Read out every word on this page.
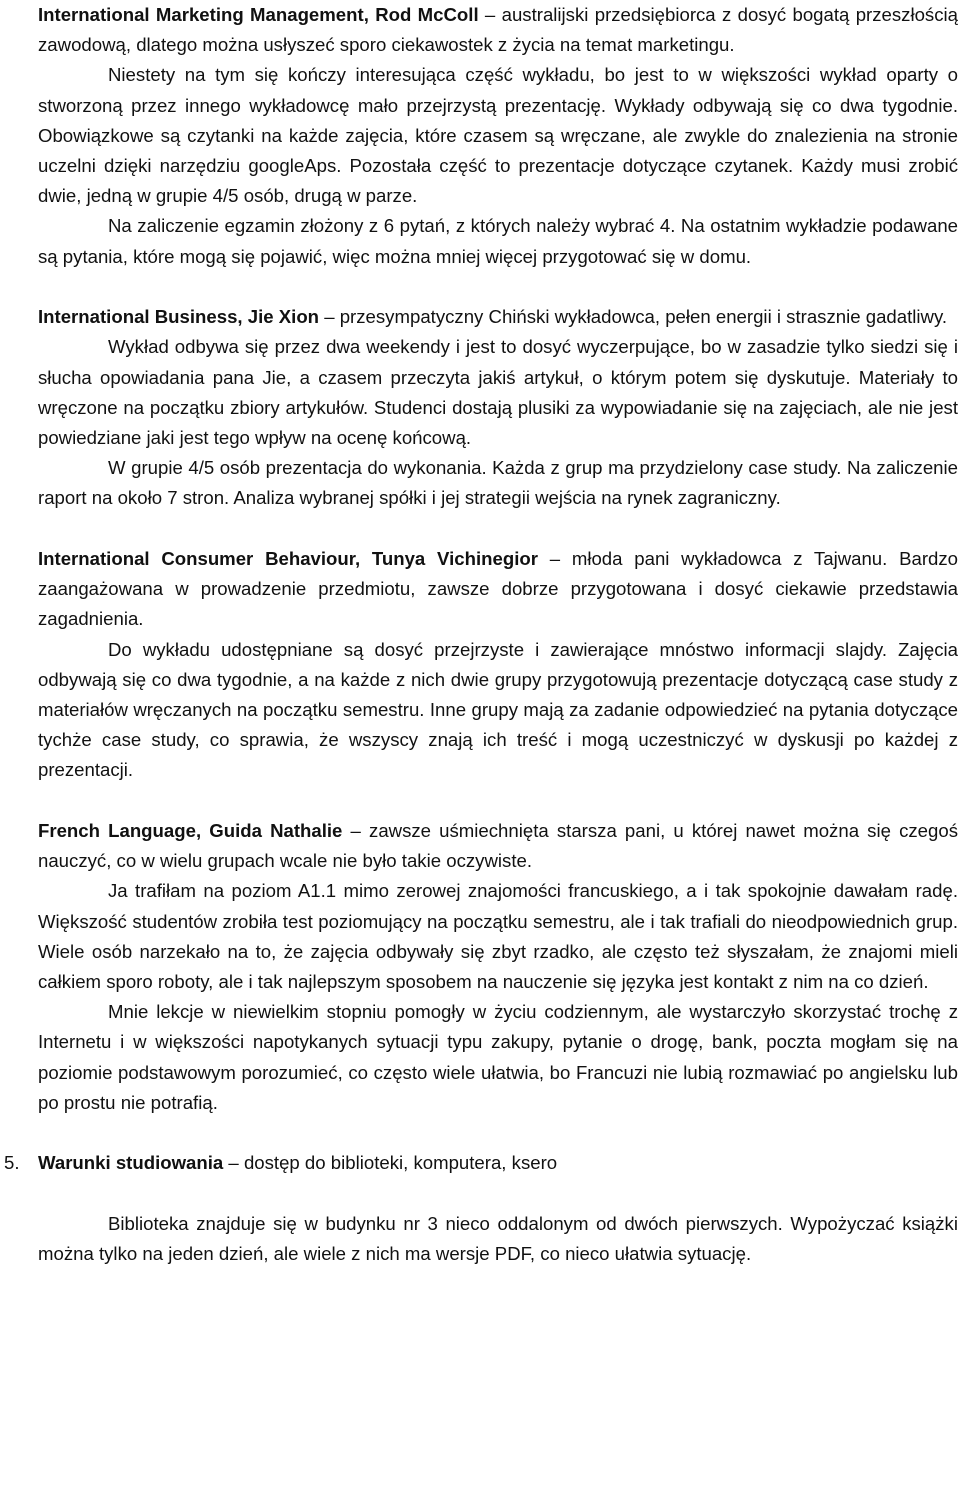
International Marketing Management, Rod McColl – australijski przedsiębiorca z dosyć bogatą przeszłością zawodową, dlatego można usłyszeć sporo ciekawostek z życia na temat marketingu.

Niestety na tym się kończy interesująca część wykładu, bo jest to w większości wykład oparty o stworzoną przez innego wykładowcę mało przejrzystą prezentację. Wykłady odbywają się co dwa tygodnie. Obowiązkowe są czytanki na każde zajęcia, które czasem są wręczane, ale zwykle do znalezienia na stronie uczelni dzięki narzędziu googleAps. Pozostała część to prezentacje dotyczące czytanek. Każdy musi zrobić dwie, jedną w grupie 4/5 osób, drugą w parze.

Na zaliczenie egzamin złożony z 6 pytań, z których należy wybrać 4. Na ostatnim wykładzie podawane są pytania, które mogą się pojawić, więc można mniej więcej przygotować się w domu.

International Business, Jie Xion – przesympatyczny Chiński wykładowca, pełen energii i strasznie gadatliwy.

Wykład odbywa się przez dwa weekendy i jest to dosyć wyczerpujące, bo w zasadzie tylko siedzi się i słucha opowiadania pana Jie, a czasem przeczyta jakiś artykuł, o którym potem się dyskutuje. Materiały to wręczone na początku zbiory artykułów. Studenci dostają plusiki za wypowiadanie się na zajęciach, ale nie jest powiedziane jaki jest tego wpływ na ocenę końcową.

W grupie 4/5 osób prezentacja do wykonania. Każda z grup ma przydzielony case study. Na zaliczenie raport na około 7 stron. Analiza wybranej spółki i jej strategii wejścia na rynek zagraniczny.

International Consumer Behaviour, Tunya Vichinegior – młoda pani wykładowca z Tajwanu. Bardzo zaangażowana w prowadzenie przedmiotu, zawsze dobrze przygotowana i dosyć ciekawie przedstawia zagadnienia.

Do wykładu udostępniane są dosyć przejrzyste i zawierające mnóstwo informacji slajdy. Zajęcia odbywają się co dwa tygodnie, a na każde z nich dwie grupy przygotowują prezentacje dotyczącą case study z materiałów wręczanych na początku semestru. Inne grupy mają za zadanie odpowiedzieć na pytania dotyczące tychże case study, co sprawia, że wszyscy znają ich treść i mogą uczestniczyć w dyskusji po każdej z prezentacji.

French Language, Guida Nathalie – zawsze uśmiechnięta starsza pani, u której nawet można się czegoś nauczyć, co w wielu grupach wcale nie było takie oczywiste.

Ja trafiłam na poziom A1.1 mimo zerowej znajomości francuskiego, a i tak spokojnie dawałam radę. Większość studentów zrobiła test poziomujący na początku semestru, ale i tak trafiali do nieodpowiednich grup. Wiele osób narzekało na to, że zajęcia odbywały się zbyt rzadko, ale często też słyszałam, że znajomi mieli całkiem sporo roboty, ale i tak najlepszym sposobem na nauczenie się języka jest kontakt z nim na co dzień.

Mnie lekcje w niewielkim stopniu pomogły w życiu codziennym, ale wystarczyło skorzystać trochę z Internetu i w większości napotykanych sytuacji typu zakupy, pytanie o drogę, bank, poczta mogłam się na poziomie podstawowym porozumieć, co często wiele ułatwia, bo Francuzi nie lubią rozmawiać po angielsku lub po prostu nie potrafią.

5. Warunki studiowania – dostęp do biblioteki, komputera, ksero

Biblioteka znajduje się w budynku nr 3 nieco oddalonym od dwóch pierwszych. Wypożyczać książki można tylko na jeden dzień, ale wiele z nich ma wersje PDF, co nieco ułatwia sytuację.
